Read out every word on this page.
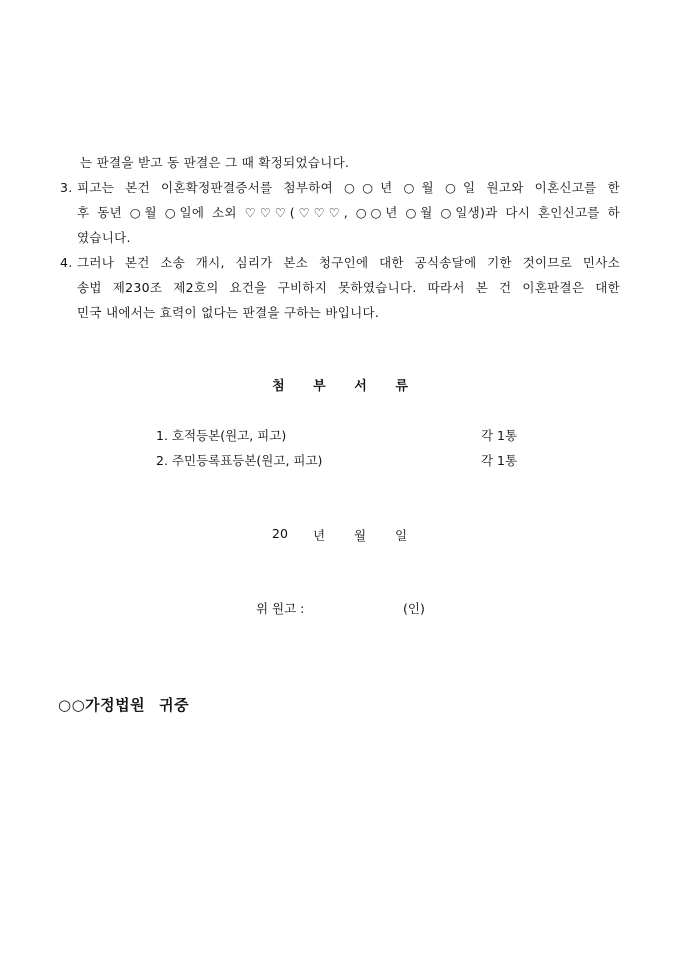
는 판결을 받고 동 판결은 그 때 확정되었습니다.
3. 피고는 본건 이혼확정판결증서를 첨부하여 ○○년 ○월 ○일 원고와 이혼신고를 한
후 동년 ○월 ○일에 소외 ♡♡♡(♡♡♡, ○○년 ○월 ○일생)과 다시 혼인신고를 하
였습니다.
4. 그러나 본건 소송 개시, 심리가 본소 청구인에 대한 공식송달에 기한 것이므로 민사소
송법 제230조 제2호의 요건을 구비하지 못하였습니다. 따라서 본 건 이혼판결은 대한
민국 내에서는 효력이 없다는 판결을 구하는 바입니다.
첨 부 서 류
1. 호적등본(원고, 피고)	각 1통
2. 주민등록표등본(원고, 피고)	각 1통
20 년 월 일
위 원고 :	(인)
○○가정법원 귀중
